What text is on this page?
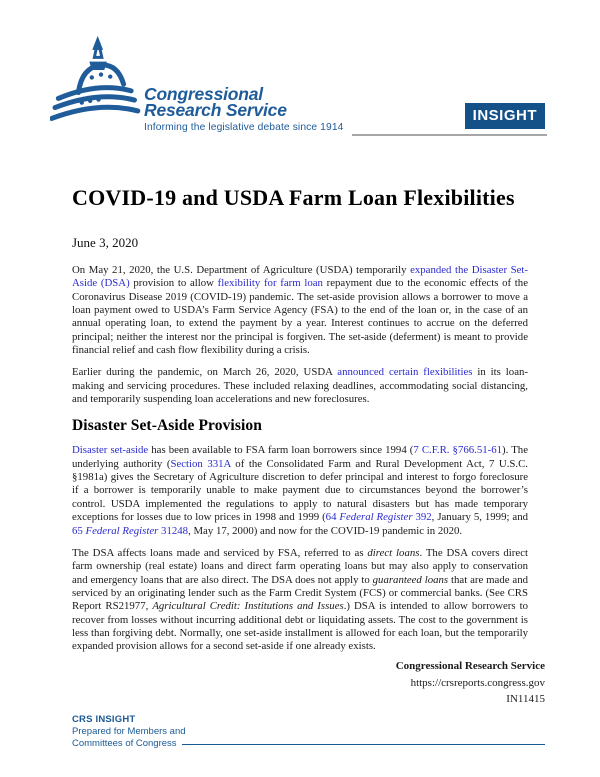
Congressional
Research Service
Informing the legislative debate since 1914
INSIGHT
COVID-19 and USDA Farm Loan Flexibilities
June 3, 2020

On May 21, 2020, the U.S. Department of Agriculture (USDA) temporarily expanded the Disaster Set-Aside (DSA) provision to allow flexibility for farm loan repayment due to the economic effects of the Coronavirus Disease 2019 (COVID-19) pandemic. The set-aside provision allows a borrower to move a loan payment owed to USDA’s Farm Service Agency (FSA) to the end of the loan or, in the case of an annual operating loan, to extend the payment by a year. Interest continues to accrue on the deferred principal; neither the interest nor the principal is forgiven. The set-aside (deferment) is meant to provide financial relief and cash flow flexibility during a crisis.

Earlier during the pandemic, on March 26, 2020, USDA announced certain flexibilities in its loan-making and servicing procedures. These included relaxing deadlines, accommodating social distancing, and temporarily suspending loan accelerations and new foreclosures.

Disaster Set-Aside Provision

Disaster set-aside has been available to FSA farm loan borrowers since 1994 (7 C.F.R. §766.51-61). The underlying authority (Section 331A of the Consolidated Farm and Rural Development Act, 7 U.S.C. §1981a) gives the Secretary of Agriculture discretion to defer principal and interest to forgo foreclosure if a borrower is temporarily unable to make payment due to circumstances beyond the borrower’s control. USDA implemented the regulations to apply to natural disasters but has made temporary exceptions for losses due to low prices in 1998 and 1999 (64 Federal Register 392, January 5, 1999; and 65 Federal Register 31248, May 17, 2000) and now for the COVID-19 pandemic in 2020.

The DSA affects loans made and serviced by FSA, referred to as direct loans. The DSA covers direct farm ownership (real estate) loans and direct farm operating loans but may also apply to conservation and emergency loans that are also direct. The DSA does not apply to guaranteed loans that are made and serviced by an originating lender such as the Farm Credit System (FCS) or commercial banks. (See CRS Report RS21977, Agricultural Credit: Institutions and Issues.) DSA is intended to allow borrowers to recover from losses without incurring additional debt or liquidating assets. The cost to the government is less than forgiving debt. Normally, one set-aside installment is allowed for each loan, but the temporarily expanded provision allows for a second set-aside if one already exists.

Congressional Research Service
https://crsreports.congress.gov
IN11415
CRS INSIGHT
Prepared for Members and
Committees of Congress
